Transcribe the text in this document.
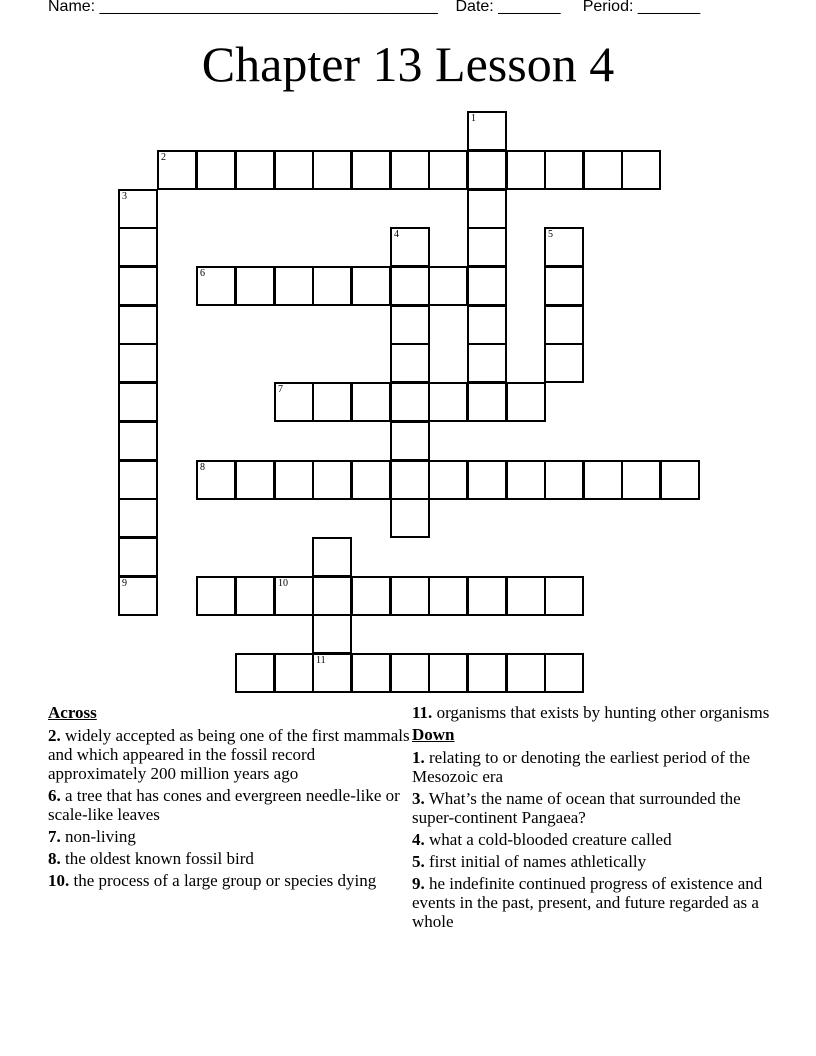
Name: ______________________________________ Date: _______ Period: _______
Chapter 13 Lesson 4
1
2
3
4	5
6
7
8
9	10
11
Across
2. widely accepted as being one of the first mammals and which appeared in the fossil record approximately 200 million years ago
6. a tree that has cones and evergreen needle-like or scale-like leaves
7. non-living
8. the oldest known fossil bird
10. the process of a large group or species dying
11. organisms that exists by hunting other organisms
Down
1. relating to or denoting the earliest period of the Mesozoic era
3. What’s the name of ocean that surrounded the super-continent Pangaea?
4. what a cold-blooded creature called
5. first initial of names athletically
9. he indefinite continued progress of existence and events in the past, present, and future regarded as a whole
